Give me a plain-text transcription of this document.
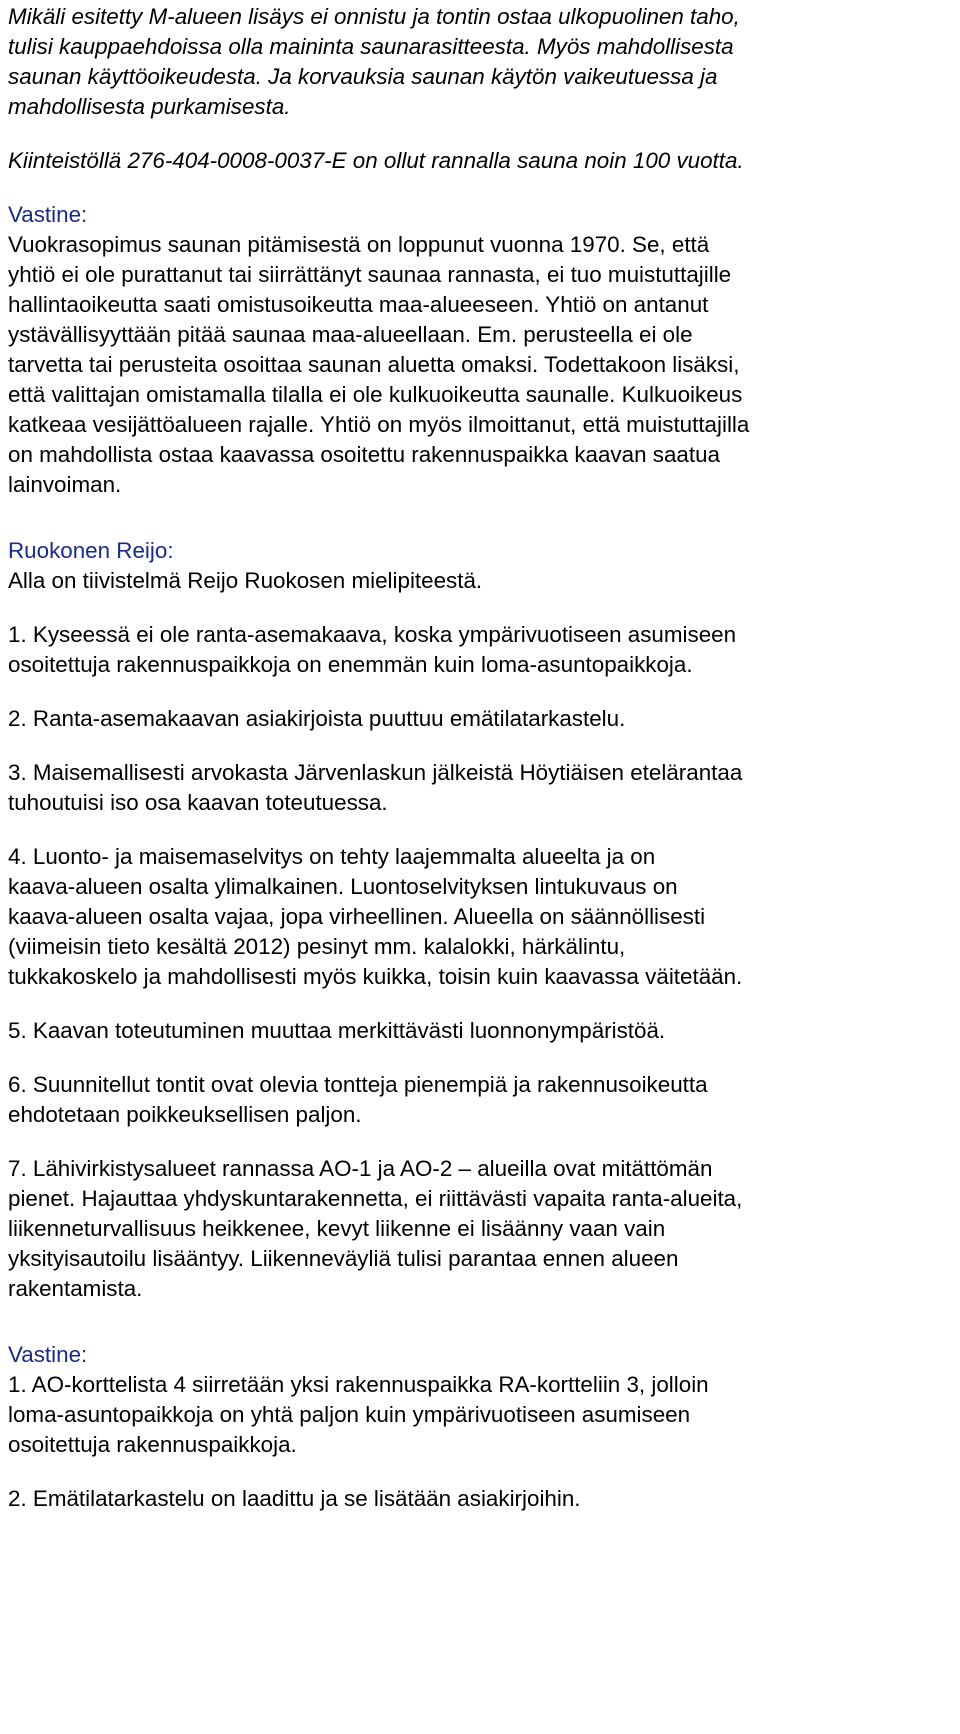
Mikäli esitetty M-alueen lisäys ei onnistu ja tontin ostaa ulkopuolinen taho,
tulisi kauppaehdoissa olla maininta saunarasitteesta. Myös mahdollisesta
saunan käyttöoikeudesta. Ja korvauksia saunan käytön vaikeutuessa ja
mahdollisesta purkamisesta.
Kiinteistöllä 276-404-0008-0037-E on ollut rannalla sauna noin 100 vuotta.
Vastine:
Vuokrasopimus saunan pitämisestä on loppunut vuonna 1970. Se, että
yhtiö ei ole purattanut tai siirrättänyt saunaa rannasta, ei tuo muistuttajille
hallintaoikeutta saati omistusoikeutta maa-alueeseen. Yhtiö on antanut
ystävällisyyttään pitää saunaa maa-alueellaan. Em. perusteella ei ole
tarvetta tai perusteita osoittaa saunan aluetta omaksi. Todettakoon lisäksi,
että valittajan omistamalla tilalla ei ole kulkuoikeutta saunalle. Kulkuoikeus
katkeaa vesijättöalueen rajalle. Yhtiö on myös ilmoittanut, että muistuttajilla
on mahdollista ostaa kaavassa osoitettu rakennuspaikka kaavan saatua
lainvoiman.
Ruokonen Reijo:
Alla on tiivistelmä Reijo Ruokosen mielipiteestä.
1. Kyseessä ei ole ranta-asemakaava, koska ympärivuotiseen asumiseen
osoitettuja rakennuspaikkoja on enemmän kuin loma-asuntopaikkoja.
2. Ranta-asemakaavan asiakirjoista puuttuu emätilatarkastelu.
3. Maisemallisesti arvokasta Järvenlaskun jälkeistä Höytiäisen etelärantaa
tuhoutuisi iso osa kaavan toteutuessa.
4. Luonto- ja maisemaselvitys on tehty laajemmalta alueelta ja on
kaava-alueen osalta ylimalkainen. Luontoselvityksen lintukuvaus on
kaava-alueen osalta vajaa, jopa virheellinen. Alueella on säännöllisesti
(viimeisin tieto kesältä 2012) pesinyt mm. kalalokki, härkälintu,
tukkakoskelo ja mahdollisesti myös kuikka, toisin kuin kaavassa väitetään.
5. Kaavan toteutuminen muuttaa merkittävästi luonnonympäristöä.
6. Suunnitellut tontit ovat olevia tontteja pienempiä ja rakennusoikeutta
ehdotetaan poikkeuksellisen paljon.
7. Lähivirkistysalueet rannassa AO-1 ja AO-2 – alueilla ovat mitättömän
pienet. Hajauttaa yhdyskuntarakennetta, ei riittävästi vapaita ranta-alueita,
liikenneturvallisuus heikkenee, kevyt liikenne ei lisäänny vaan vain
yksityisautoilu lisääntyy. Liikenneväyliä tulisi parantaa ennen alueen
rakentamista.
Vastine:
1. AO-korttelista 4 siirretään yksi rakennuspaikka RA-kortteliin 3, jolloin
loma-asuntopaikkoja on yhtä paljon kuin ympärivuotiseen asumiseen
osoitettuja rakennuspaikkoja.
2. Emätilatarkastelu on laadittu ja se lisätään asiakirjoihin.
